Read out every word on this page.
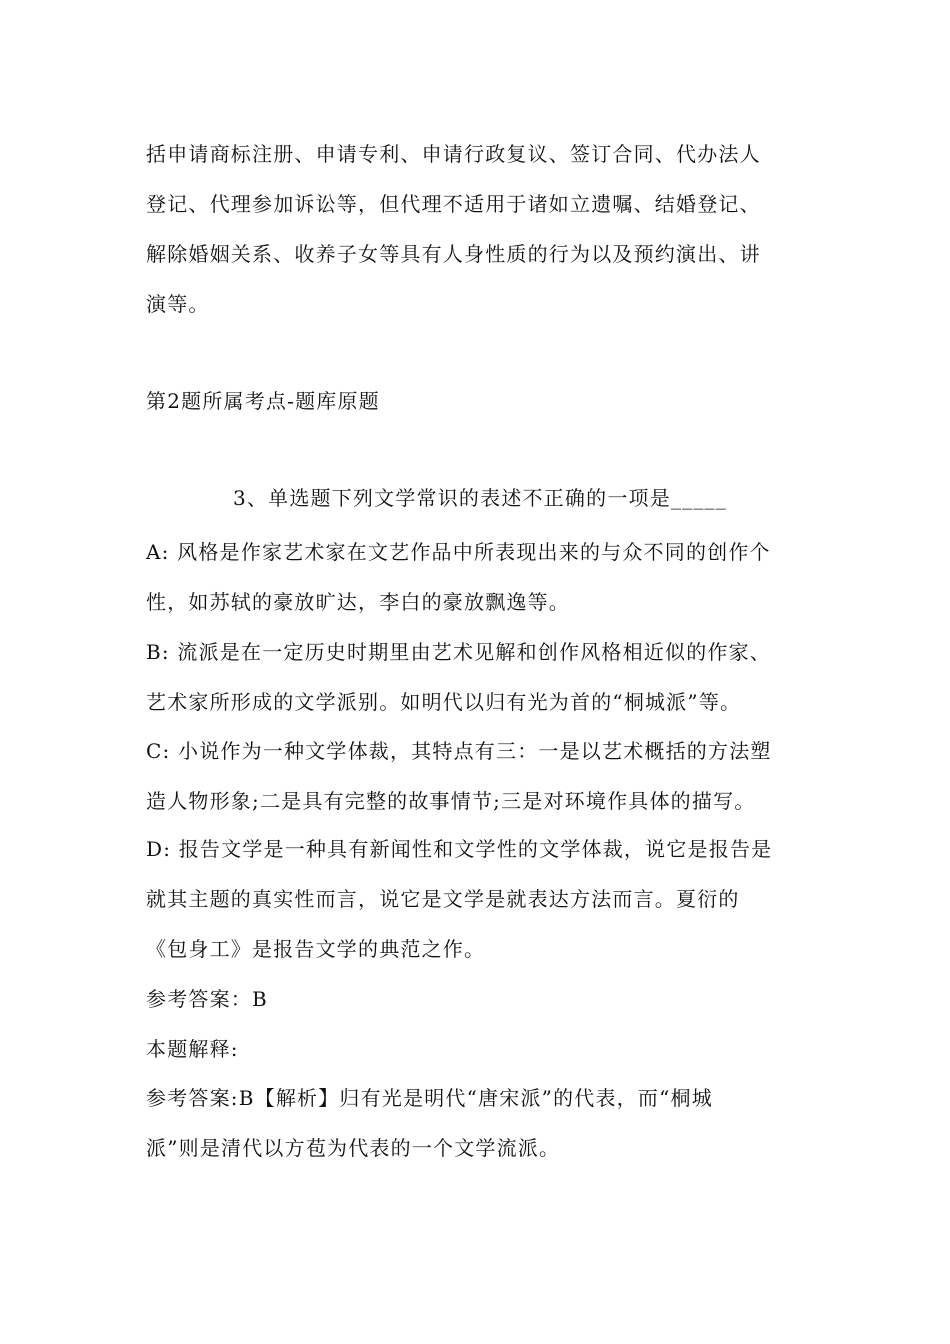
括申请商标注册、申请专利、申请行政复议、签订合同、代办法人
登记、代理参加诉讼等，但代理不适用于诸如立遗嘱、结婚登记、
解除婚姻关系、收养子女等具有人身性质的行为以及预约演出、讲
演等。
第2题所属考点-题库原题
3、单选题下列文学常识的表述不正确的一项是_____
A: 风格是作家艺术家在文艺作品中所表现出来的与众不同的创作个
性，如苏轼的豪放旷达，李白的豪放飘逸等。
B: 流派是在一定历史时期里由艺术见解和创作风格相近似的作家、
艺术家所形成的文学派别。如明代以归有光为首的“桐城派”等。
C: 小说作为一种文学体裁，其特点有三：一是以艺术概括的方法塑
造人物形象;二是具有完整的故事情节;三是对环境作具体的描写。
D: 报告文学是一种具有新闻性和文学性的文学体裁，说它是报告是
就其主题的真实性而言，说它是文学是就表达方法而言。夏衍的
《包身工》是报告文学的典范之作。
参考答案：B
本题解释:
参考答案:B【解析】归有光是明代“唐宋派”的代表，而“桐城
派”则是清代以方苞为代表的一个文学流派。
